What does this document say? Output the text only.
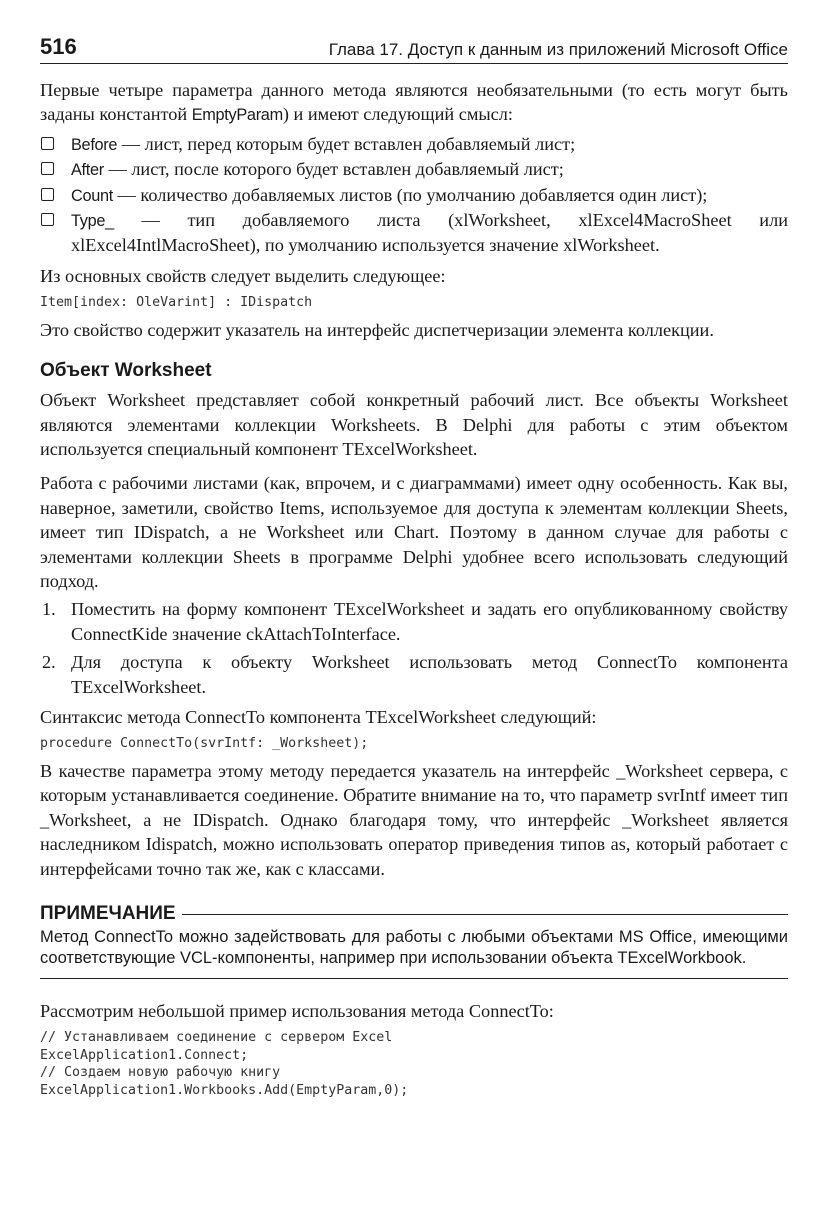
516	Глава 17. Доступ к данным из приложений Microsoft Office

Первые четыре параметра данного метода являются необязательными (то есть могут быть заданы константой EmptyParam) и имеют следующий смысл:

Before — лист, перед которым будет вставлен добавляемый лист;
After — лист, после которого будет вставлен добавляемый лист;
Count — количество добавляемых листов (по умолчанию добавляется один лист);
Type_ — тип добавляемого листа (xlWorksheet, xlExcel4MacroSheet или xlExcel4IntlMacroSheet), по умолчанию используется значение xlWorksheet.

Из основных свойств следует выделить следующее:

Item[index: OleVarint] : IDispatch

Это свойство содержит указатель на интерфейс диспетчеризации элемента коллекции.

Объект Worksheet

Объект Worksheet представляет собой конкретный рабочий лист. Все объекты Worksheet являются элементами коллекции Worksheets. В Delphi для работы с этим объектом используется специальный компонент TExcelWorksheet.

Работа с рабочими листами (как, впрочем, и с диаграммами) имеет одну особенность. Как вы, наверное, заметили, свойство Items, используемое для доступа к элементам коллекции Sheets, имеет тип IDispatch, а не Worksheet или Chart. Поэтому в данном случае для работы с элементами коллекции Sheets в программе Delphi удобнее всего использовать следующий подход.

1. Поместить на форму компонент TExcelWorksheet и задать его опубликованному свойству ConnectKide значение ckAttachToInterface.
2. Для доступа к объекту Worksheet использовать метод ConnectTo компонента TExcelWorksheet.

Синтаксис метода ConnectTo компонента TExcelWorksheet следующий:

procedure ConnectTo(svrIntf: _Worksheet);

В качестве параметра этому методу передается указатель на интерфейс _Worksheet сервера, с которым устанавливается соединение. Обратите внимание на то, что параметр svrIntf имеет тип _Worksheet, а не IDispatch. Однако благодаря тому, что интерфейс _Worksheet является наследником Idispatch, можно использовать оператор приведения типов as, который работает с интерфейсами точно так же, как с классами.

ПРИМЕЧАНИЕ

Метод ConnectTo можно задействовать для работы с любыми объектами MS Office, имеющими соответствующие VCL-компоненты, например при использовании объекта TExcelWorkbook.

Рассмотрим небольшой пример использования метода ConnectTo:

// Устанавливаем соединение с сервером Excel

ExcelApplication1.Connect;

// Создаем новую рабочую книгу

ExcelApplication1.Workbooks.Add(EmptyParam,0);
